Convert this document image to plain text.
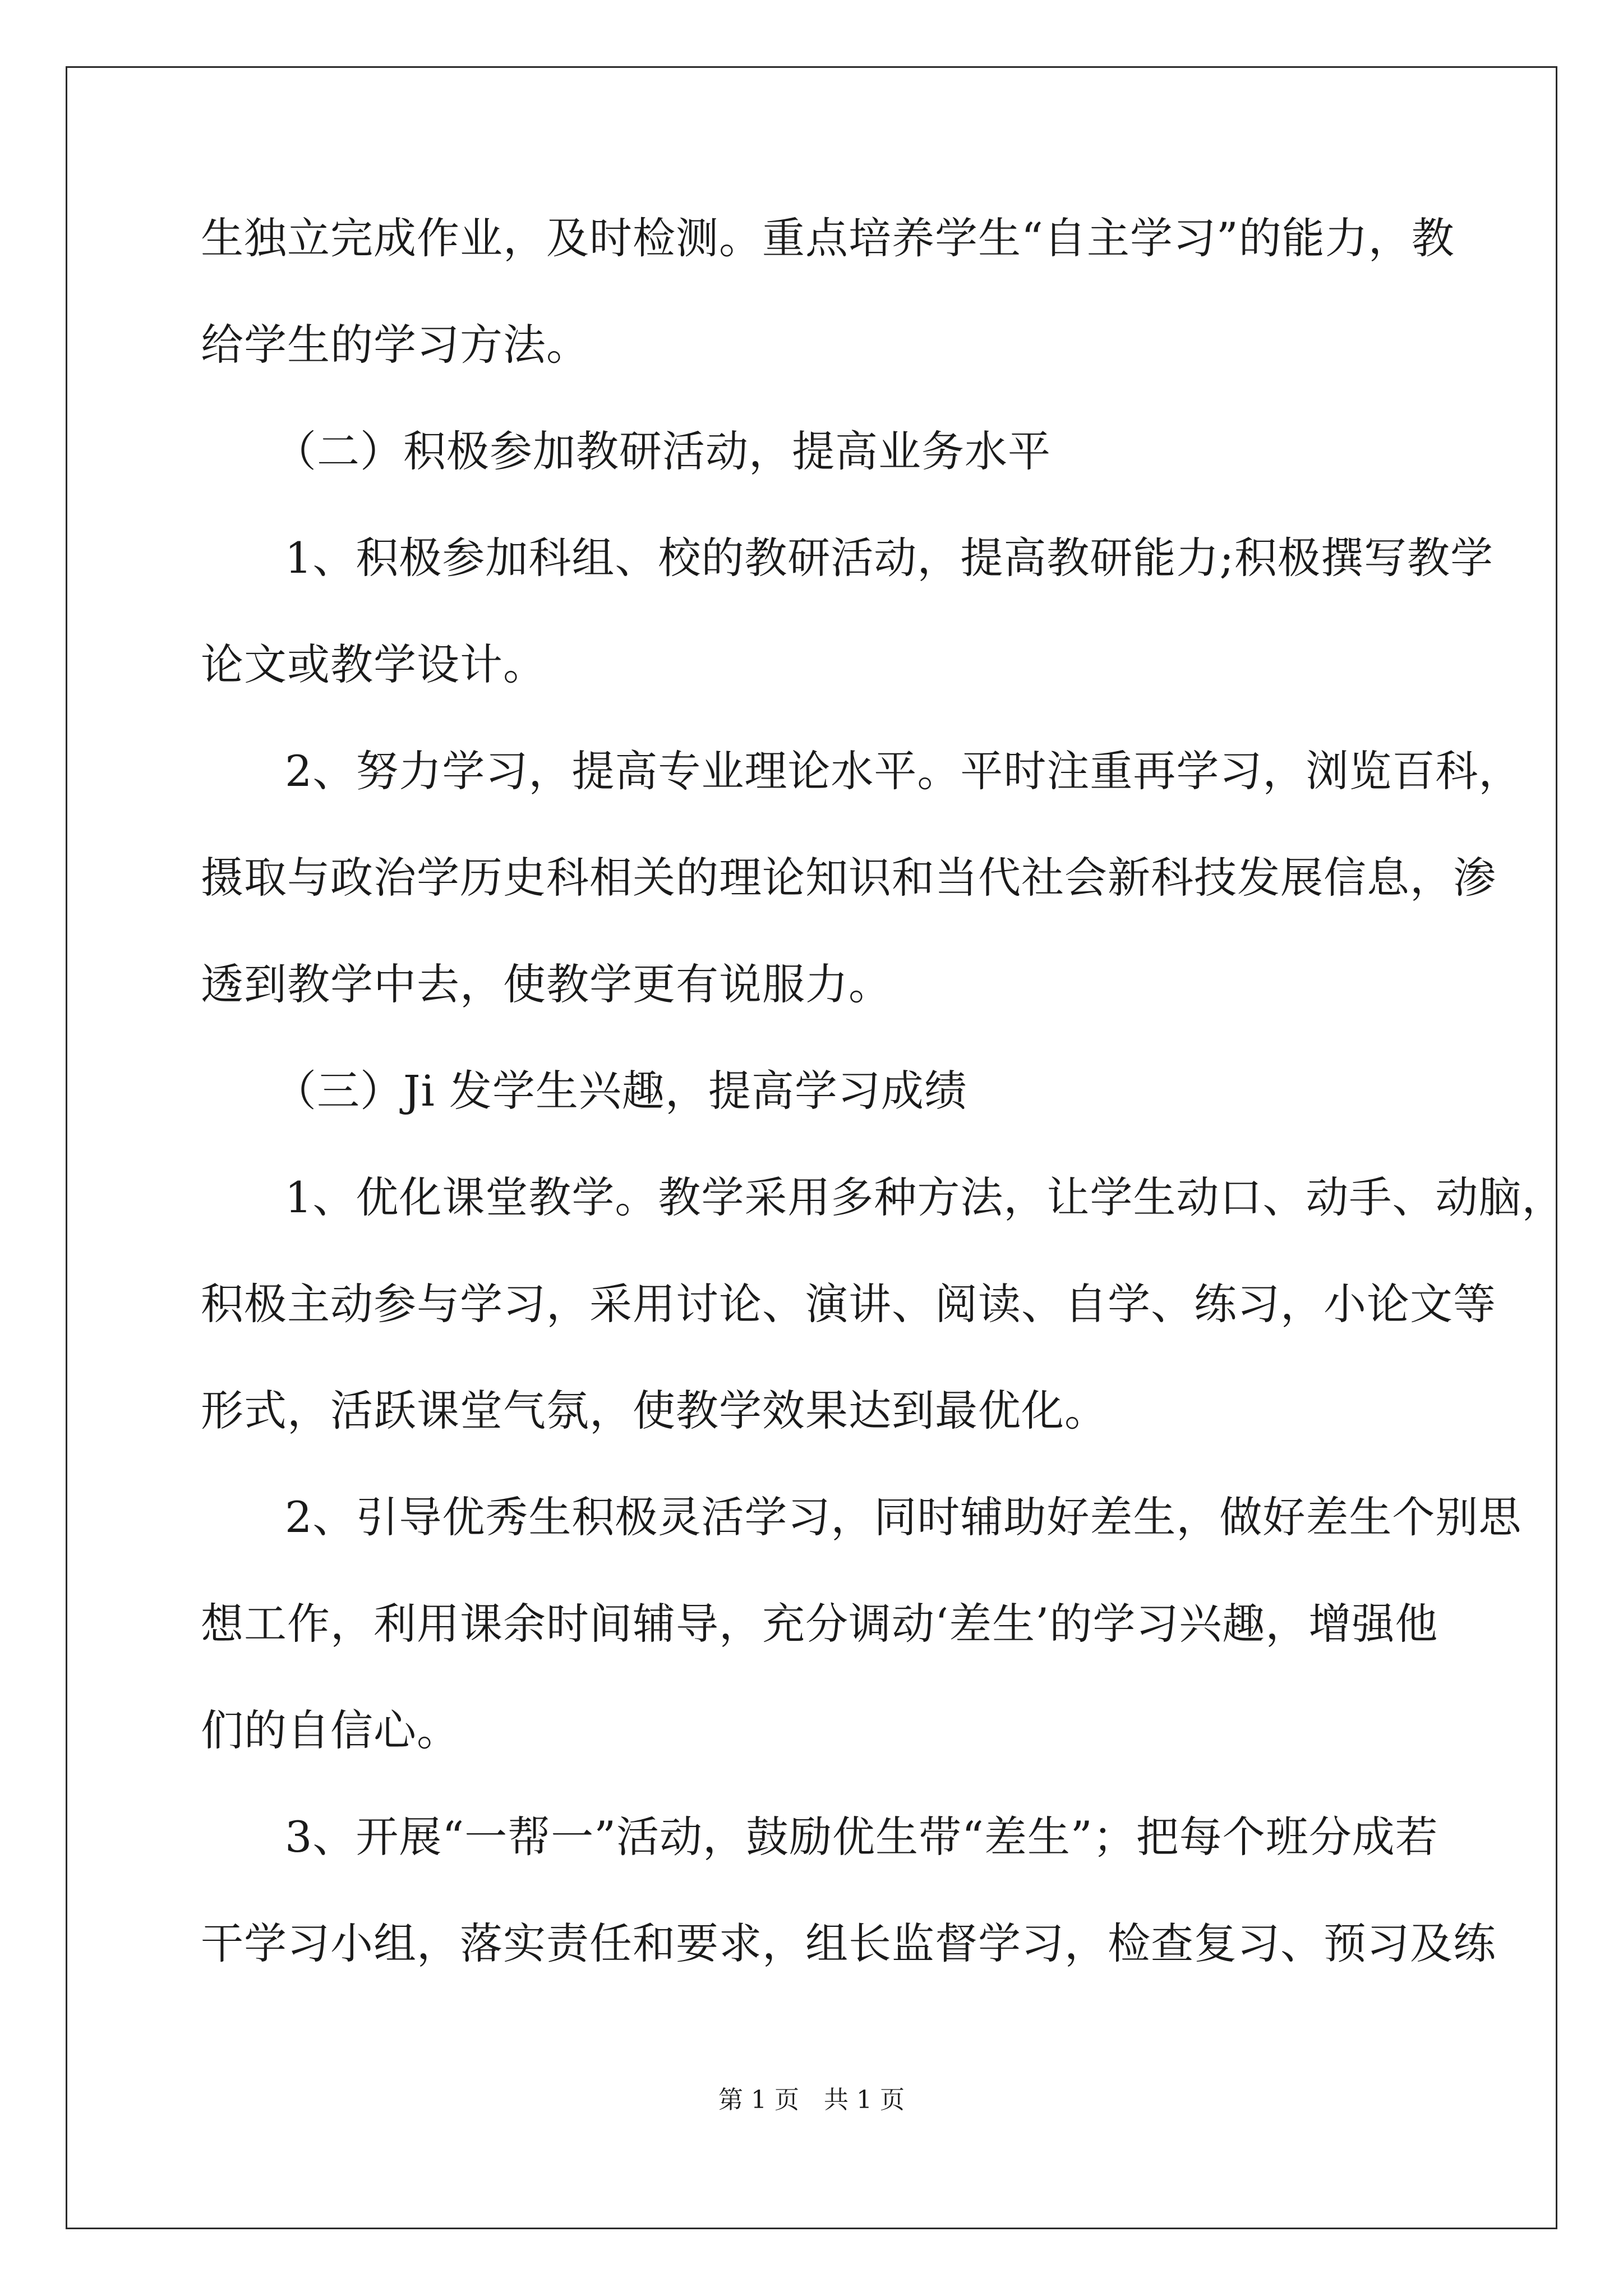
生独立完成作业，及时检测。重点培养学生“自主学习”的能力，教
给学生的学习方法。
（二）积极参加教研活动，提高业务水平
1、积极参加科组、校的教研活动，提高教研能力;积极撰写教学
论文或教学设计。
2、努力学习，提高专业理论水平。平时注重再学习，浏览百科，
摄取与政治学历史科相关的理论知识和当代社会新科技发展信息，渗
透到教学中去，使教学更有说服力。
（三）Ji 发学生兴趣，提高学习成绩
1、优化课堂教学。教学采用多种方法，让学生动口、动手、动脑，
积极主动参与学习，采用讨论、演讲、阅读、自学、练习，小论文等
形式，活跃课堂气氛，使教学效果达到最优化。
2、引导优秀生积极灵活学习，同时辅助好差生，做好差生个别思
想工作，利用课余时间辅导，充分调动‘差生’的学习兴趣，增强他
们的自信心。
3、开展“一帮一”活动，鼓励优生带“差生”；把每个班分成若
干学习小组，落实责任和要求，组长监督学习，检查复习、预习及练
第 1 页　共 1 页
